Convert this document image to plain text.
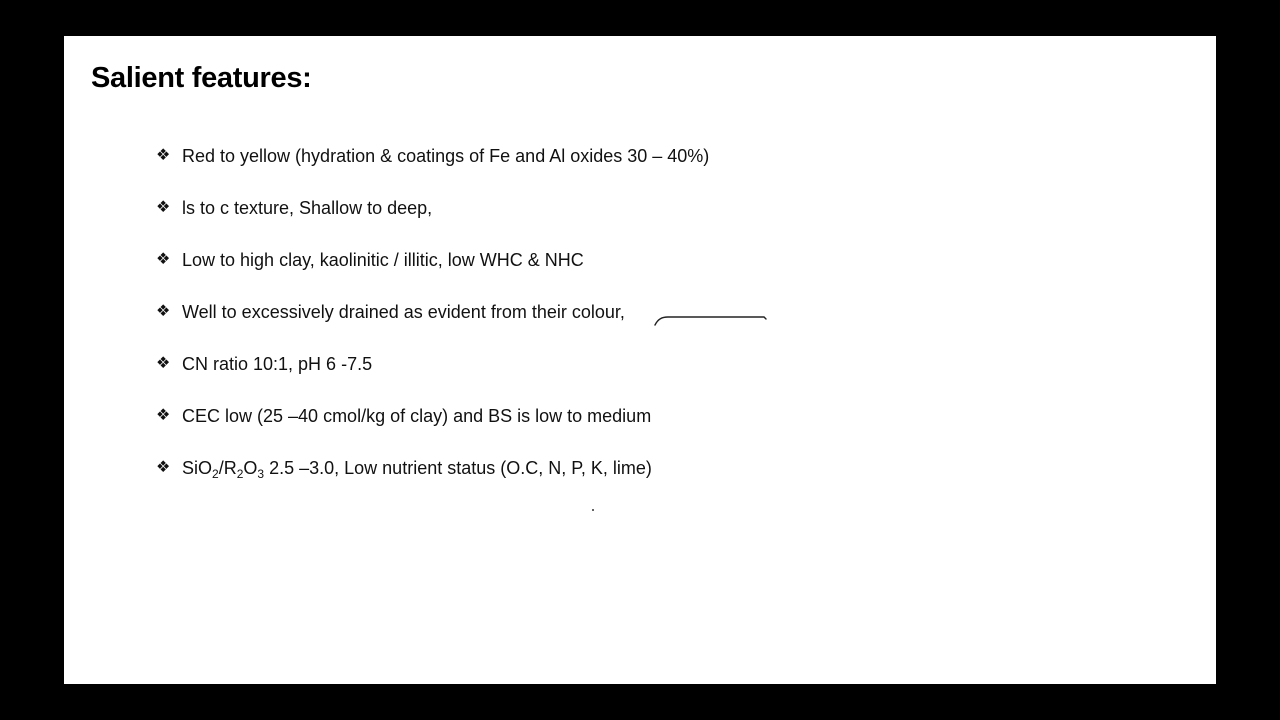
Salient features:
❖ Red to yellow (hydration & coatings of Fe and Al oxides 30 – 40%)
❖ ls to c texture, Shallow to deep,
❖ Low to high clay, kaolinitic / illitic, low WHC & NHC
❖ Well to excessively drained as evident from their colour,
❖ CN ratio 10:1, pH 6 -7.5
❖ CEC low (25 –40 cmol/kg of clay) and BS is low to medium
❖ $SiO_2/R_2O_3$ 2.5 –3.0, Low nutrient status (O.C, N, P, K, lime)
